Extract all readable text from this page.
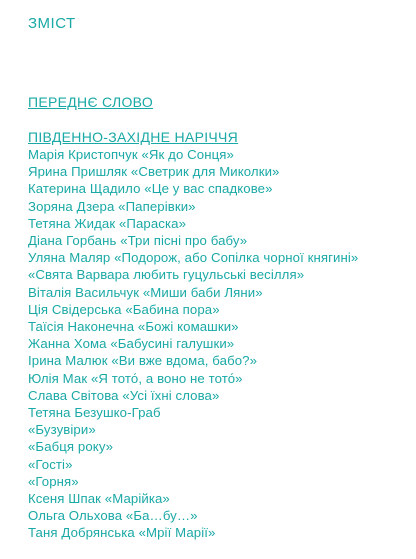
ЗМІСТ
ПЕРЕДНЄ СЛОВО
ПІВДЕННО-ЗАХІДНЕ НАРІЧЧЯ
Марія Кристопчук «Як до Сонця»
Ярина Пришляк «Светрик для Миколки»
Катерина Щадило «Це у вас спадкове»
Зоряна Дзера «Паперівки»
Тетяна Жидак «Параска»
Діана Горбань «Три пісні про бабу»
Уляна Маляр «Подорож, або Сопілка чорної княгині»
«Свята Варвара любить гуцульські весілля»
Віталія Васильчук «Миши баби Ляни»
Ція Свідерська «Бабина пора»
Таїсія Наконечна «Божі комашки»
Жанна Хома «Бабусині галушки»
Ірина Малюк «Ви вже вдома, бабо?»
Юлія Мак «Я тото́, а воно не тото́»
Слава Світова «Усі їхні слова»
Тетяна Безушко-Граб
«Бузувіри»
«Бабця року»
«Гості»
«Горня»
Ксеня Шпак «Марійка»
Ольга Ольхова «Ба…бу…»
Таня Добрянська «Мрії Марії»
